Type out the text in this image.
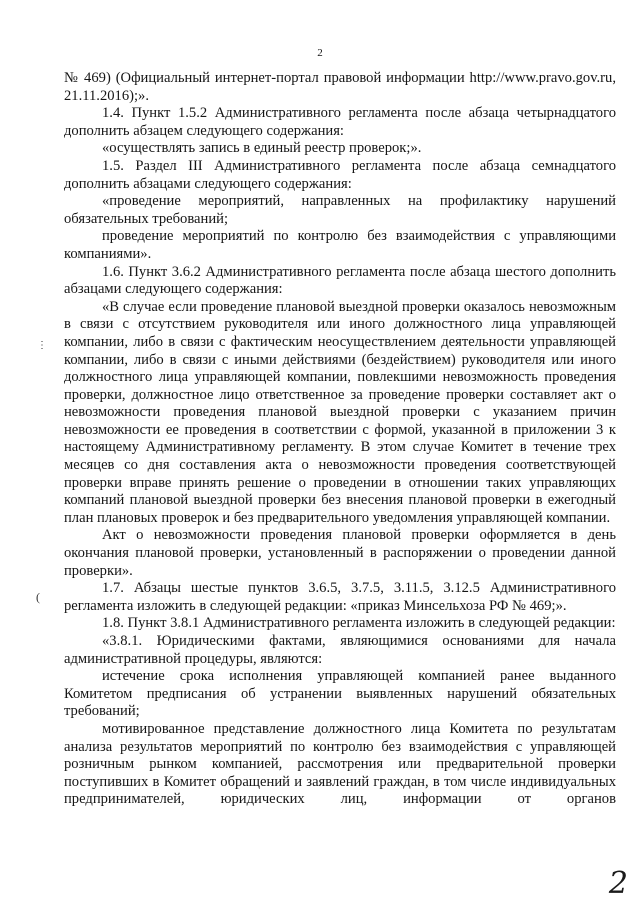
2

№ 469) (Официальный интернет-портал правовой информации http://www.pravo.gov.ru, 21.11.2016);».

1.4. Пункт 1.5.2 Административного регламента после абзаца четырнадцатого дополнить абзацем следующего содержания:

«осуществлять запись в единый реестр проверок;».

1.5. Раздел III Административного регламента после абзаца семнадцатого дополнить абзацами следующего содержания:

«проведение мероприятий, направленных на профилактику нарушений обязательных требований;

проведение мероприятий по контролю без взаимодействия с управляющими компаниями».

1.6. Пункт 3.6.2 Административного регламента после абзаца шестого дополнить абзацами следующего содержания:

«В случае если проведение плановой выездной проверки оказалось невозможным в связи с отсутствием руководителя или иного должностного лица управляющей компании, либо в связи с фактическим неосуществлением деятельности управляющей компании, либо в связи с иными действиями (бездействием) руководителя или иного должностного лица управляющей компании, повлекшими невозможность проведения проверки, должностное лицо ответственное за проведение проверки составляет акт о невозможности проведения плановой выездной проверки с указанием причин невозможности ее проведения в соответствии с формой, указанной в приложении 3 к настоящему Административному регламенту. В этом случае Комитет в течение трех месяцев со дня составления акта о невозможности проведения соответствующей проверки вправе принять решение о проведении в отношении таких управляющих компаний плановой выездной проверки без внесения плановой проверки в ежегодный план плановых проверок и без предварительного уведомления управляющей компании.

Акт о невозможности проведения плановой проверки оформляется в день окончания плановой проверки, установленный в распоряжении о проведении данной проверки».

1.7. Абзацы шестые пунктов 3.6.5, 3.7.5, 3.11.5, 3.12.5 Административного регламента изложить в следующей редакции: «приказ Минсельхоза РФ № 469;».

1.8. Пункт 3.8.1 Административного регламента изложить в следующей редакции:

«3.8.1. Юридическими фактами, являющимися основаниями для начала административной процедуры, являются:

истечение срока исполнения управляющей компанией ранее выданного Комитетом предписания об устранении выявленных нарушений обязательных требований;

мотивированное представление должностного лица Комитета по результатам анализа результатов мероприятий по контролю без взаимодействия с управляющей розничным рынком компанией, рассмотрения или предварительной проверки поступивших в Комитет обращений и заявлений граждан, в том числе индивидуальных предпринимателей, юридических лиц, информации от органов

⋮
(
2
